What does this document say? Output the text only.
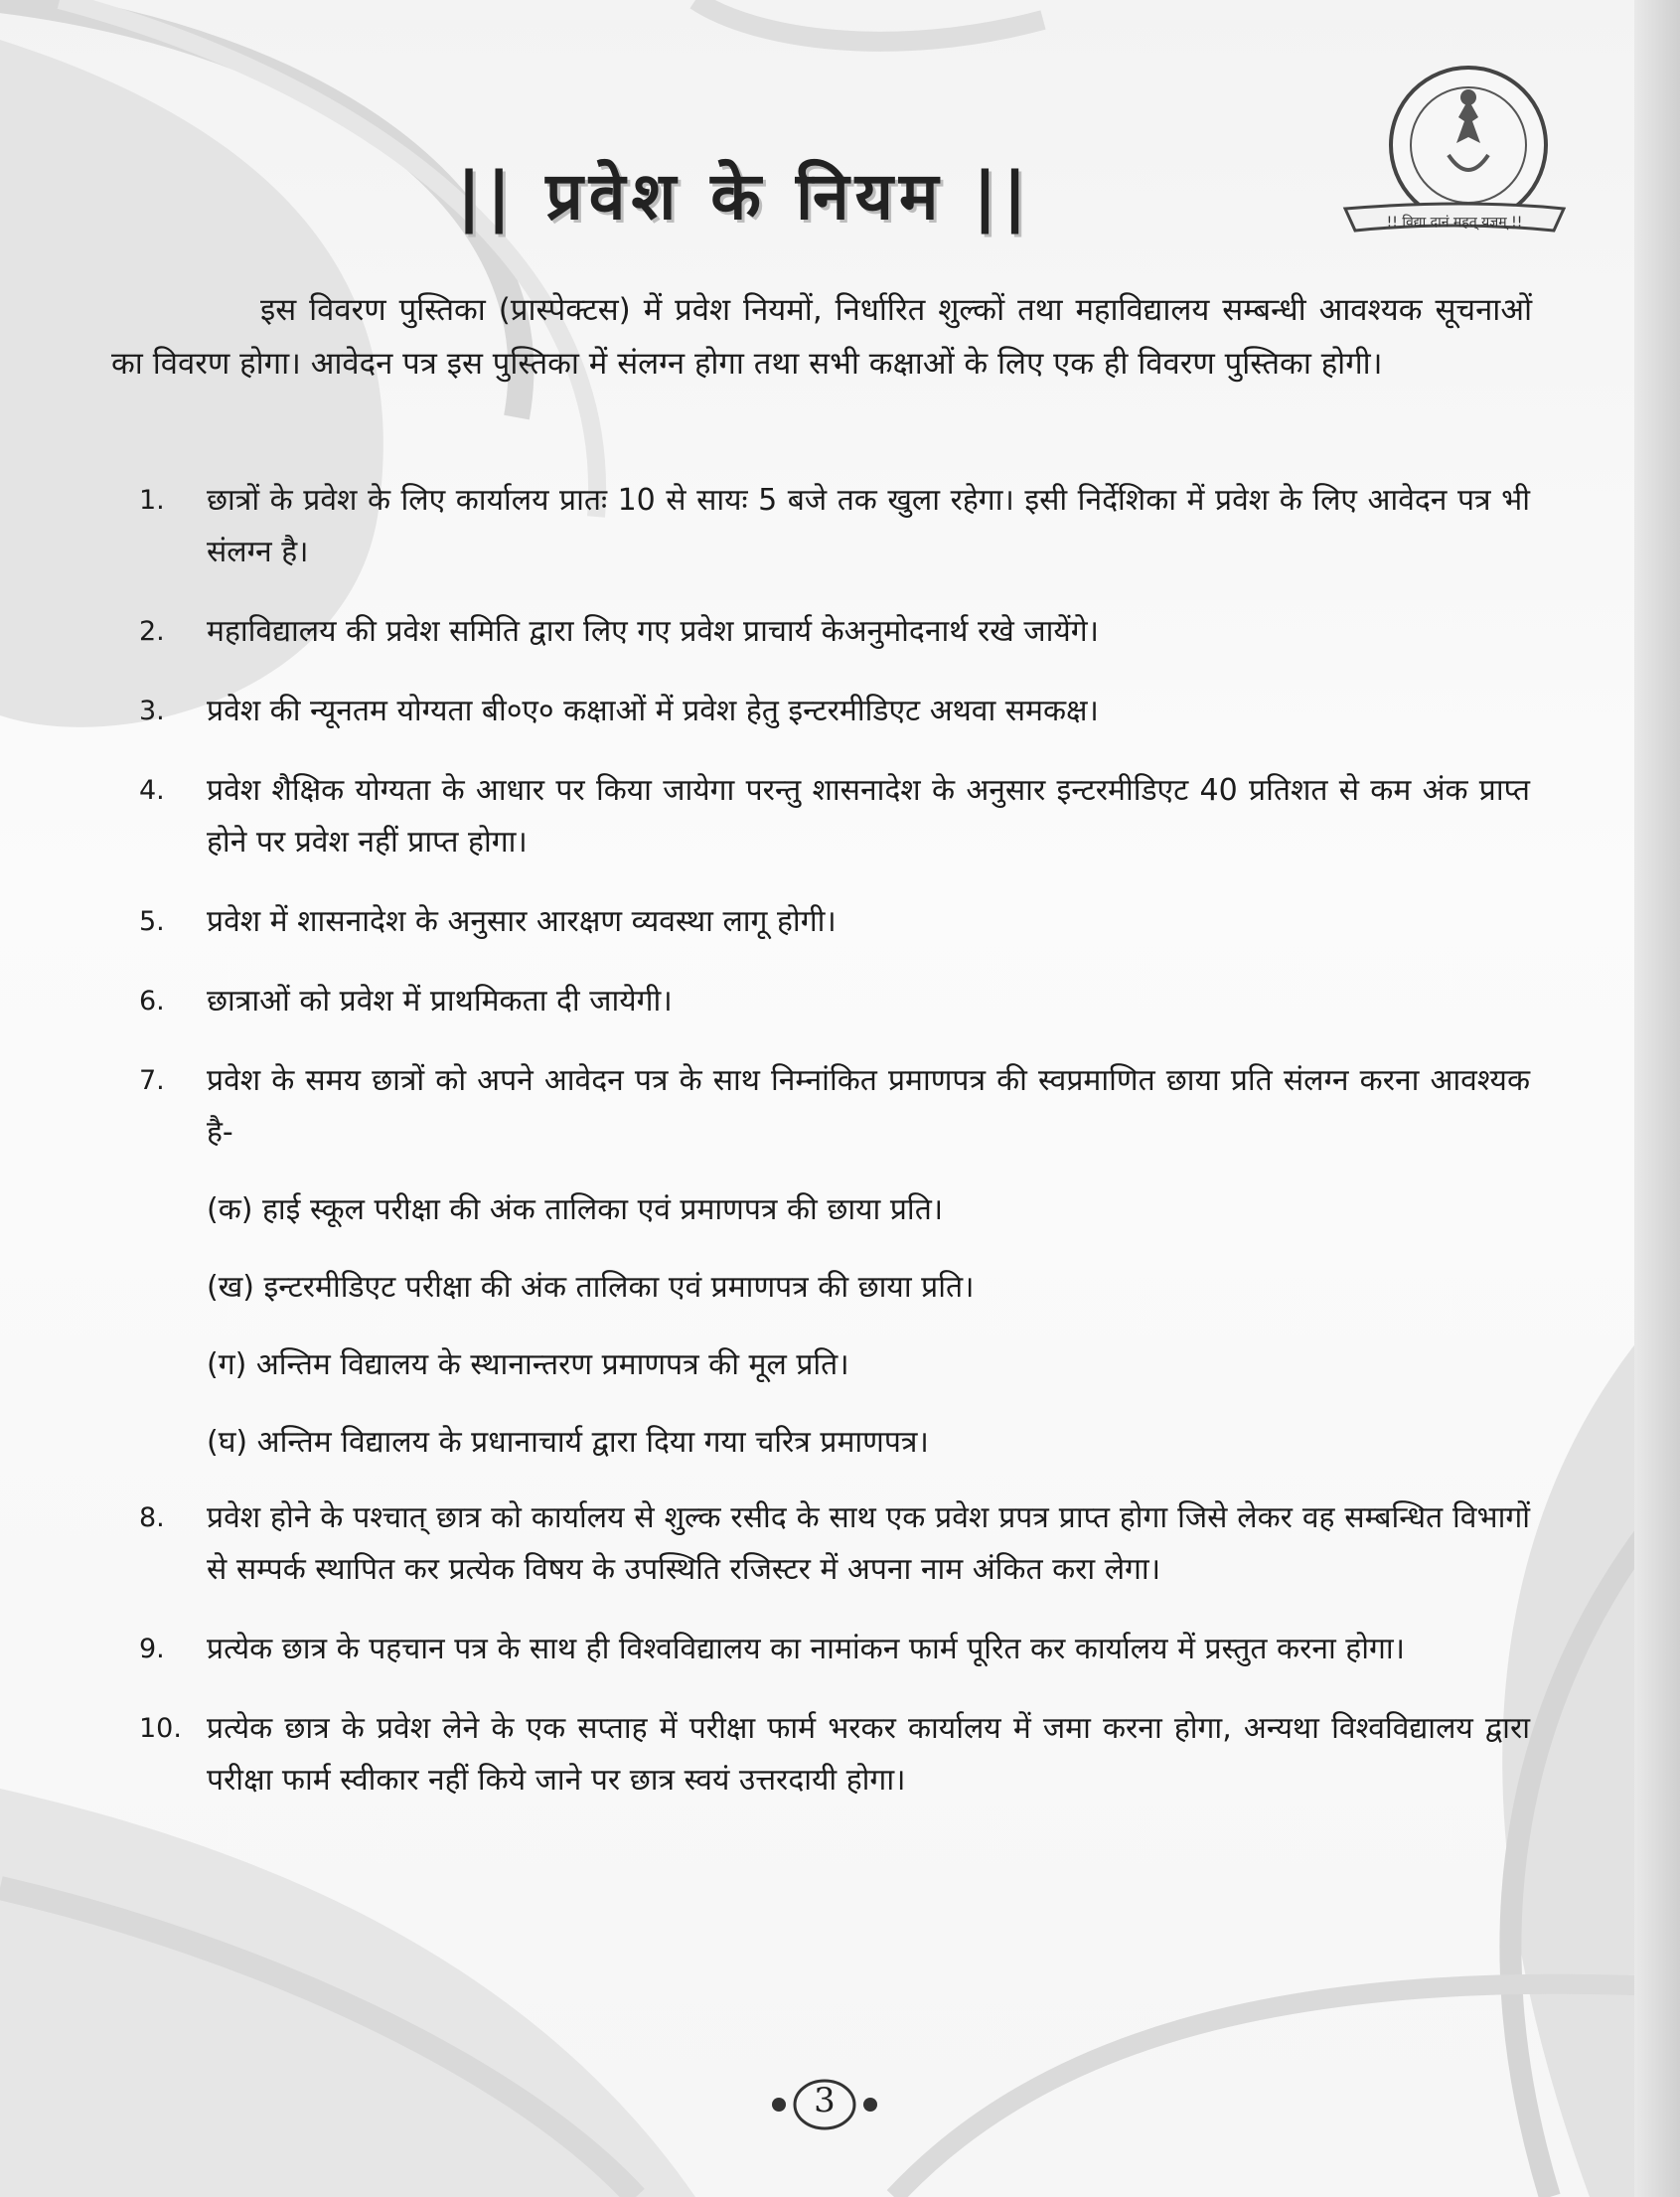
|| प्रवेश के नियम ||	!! विद्या दानं महत् यज्ञम् !!
इस विवरण पुस्तिका (प्रास्पेक्टस) में प्रवेश नियमों, निर्धारित शुल्कों तथा महाविद्यालय सम्बन्धी आवश्यक सूचनाओं का विवरण होगा। आवेदन पत्र इस पुस्तिका में संलग्न होगा तथा सभी कक्षाओं के लिए एक ही विवरण पुस्तिका होगी।
1.	छात्रों के प्रवेश के लिए कार्यालय प्रातः 10 से सायः 5 बजे तक खुला रहेगा। इसी निर्देशिका में प्रवेश के लिए आवेदन पत्र भी संलग्न है।
2.	महाविद्यालय की प्रवेश समिति द्वारा लिए गए प्रवेश प्राचार्य केअनुमोदनार्थ रखे जायेंगे।
3.	प्रवेश की न्यूनतम योग्यता बी०ए० कक्षाओं में प्रवेश हेतु इन्टरमीडिएट अथवा समकक्ष।
4.	प्रवेश शैक्षिक योग्यता के आधार पर किया जायेगा परन्तु शासनादेश के अनुसार इन्टरमीडिएट 40 प्रतिशत से कम अंक प्राप्त होने पर प्रवेश नहीं प्राप्त होगा।
5.	प्रवेश में शासनादेश के अनुसार आरक्षण व्यवस्था लागू होगी।
6.	छात्राओं को प्रवेश में प्राथमिकता दी जायेगी।
7.	प्रवेश के समय छात्रों को अपने आवेदन पत्र के साथ निम्नांकित प्रमाणपत्र की स्वप्रमाणित छाया प्रति संलग्न करना आवश्यक है-
(क) हाई स्कूल परीक्षा की अंक तालिका एवं प्रमाणपत्र की छाया प्रति।
(ख) इन्टरमीडिएट परीक्षा की अंक तालिका एवं प्रमाणपत्र की छाया प्रति।
(ग) अन्तिम विद्यालय के स्थानान्तरण प्रमाणपत्र की मूल प्रति।
(घ) अन्तिम विद्यालय के प्रधानाचार्य द्वारा दिया गया चरित्र प्रमाणपत्र।
8.	प्रवेश होने के पश्चात् छात्र को कार्यालय से शुल्क रसीद के साथ एक प्रवेश प्रपत्र प्राप्त होगा जिसे लेकर वह सम्बन्धित विभागों से सम्पर्क स्थापित कर प्रत्येक विषय के उपस्थिति रजिस्टर में अपना नाम अंकित करा लेगा।
9.	प्रत्येक छात्र के पहचान पत्र के साथ ही विश्वविद्यालय का नामांकन फार्म पूरित कर कार्यालय में प्रस्तुत करना होगा।
10. प्रत्येक छात्र के प्रवेश लेने के एक सप्ताह में परीक्षा फार्म भरकर कार्यालय में जमा करना होगा, अन्यथा विश्वविद्यालय द्वारा परीक्षा फार्म स्वीकार नहीं किये जाने पर छात्र स्वयं उत्तरदायी होगा।
3
